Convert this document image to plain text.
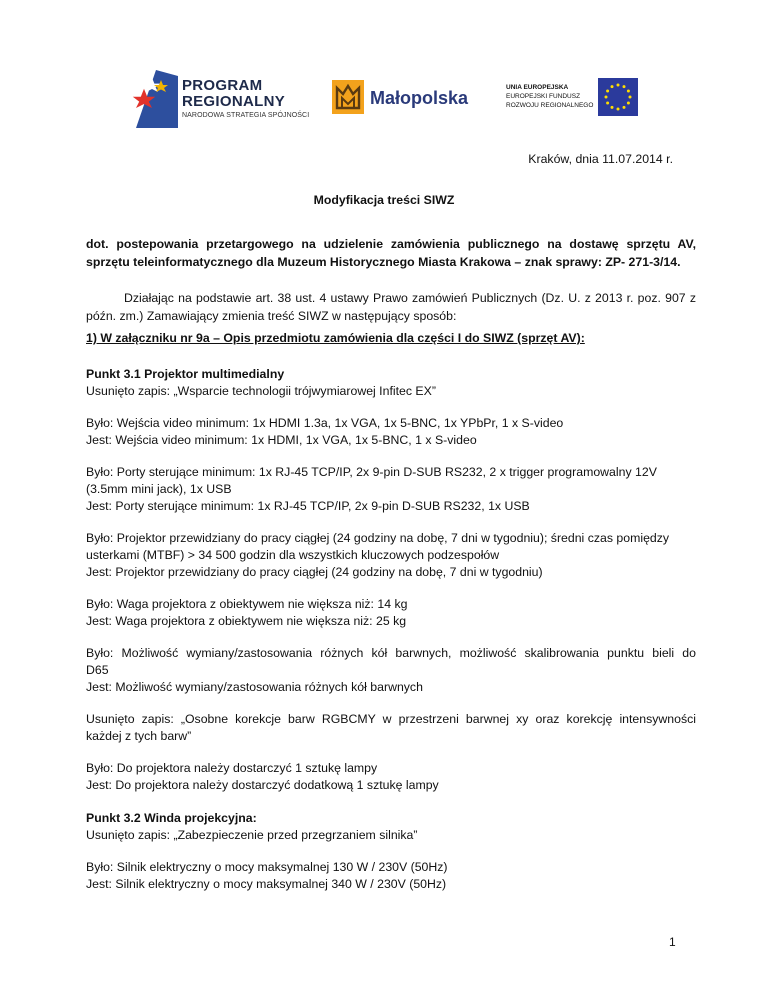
PROGRAM
REGIONALNY
NARODOWA STRATEGIA SPÓJNOŚCI
Małopolska
UNIA EUROPEJSKA
EUROPEJSKI FUNDUSZ
ROZWOJU REGIONALNEGO
Kraków, dnia 11.07.2014 r.
Modyfikacja treści SIWZ
dot. postepowania przetargowego na udzielenie zamówienia publicznego na dostawę sprzętu AV, sprzętu teleinformatycznego dla Muzeum Historycznego Miasta Krakowa – znak sprawy: ZP- 271-3/14.
Działając na podstawie art. 38 ust. 4 ustawy Prawo zamówień Publicznych (Dz. U. z 2013 r. poz. 907 z późn. zm.) Zamawiający zmienia treść SIWZ w następujący sposób:
1) W załączniku nr 9a – Opis przedmiotu zamówienia dla części I do SIWZ (sprzęt AV):
Punkt 3.1 Projektor multimedialny
Usunięto zapis: „Wsparcie technologii trójwymiarowej Infitec EX”
Było: Wejścia video minimum: 1x HDMI 1.3a, 1x VGA, 1x 5-BNC, 1x YPbPr, 1 x S-video
Jest: Wejścia video minimum: 1x HDMI, 1x VGA, 1x 5-BNC, 1 x S-video
Było: Porty sterujące minimum: 1x RJ-45 TCP/IP, 2x 9-pin D-SUB RS232, 2 x trigger programowalny 12V
(3.5mm mini jack), 1x USB
Jest: Porty sterujące minimum: 1x RJ-45 TCP/IP, 2x 9-pin D-SUB RS232, 1x USB
Było: Projektor przewidziany do pracy ciągłej (24 godziny na dobę, 7 dni w tygodniu); średni czas pomiędzy
usterkami (MTBF) > 34 500 godzin dla wszystkich kluczowych podzespołów
Jest: Projektor przewidziany do pracy ciągłej (24 godziny na dobę, 7 dni w tygodniu)
Było: Waga projektora z obiektywem nie większa niż: 14 kg
Jest: Waga projektora z obiektywem nie większa niż: 25 kg
Było: Możliwość wymiany/zastosowania różnych kół barwnych, możliwość skalibrowania punktu bieli do
D65
Jest: Możliwość wymiany/zastosowania różnych kół barwnych
Usunięto zapis: „Osobne korekcje barw RGBCMY w przestrzeni barwnej xy oraz korekcję intensywności
każdej z tych barw”
Było: Do projektora należy dostarczyć 1 sztukę lampy
Jest: Do projektora należy dostarczyć dodatkową 1 sztukę lampy
Punkt 3.2 Winda projekcyjna:
Usunięto zapis: „Zabezpieczenie przed przegrzaniem silnika”
Było: Silnik elektryczny o mocy maksymalnej 130 W / 230V (50Hz)
Jest: Silnik elektryczny o mocy maksymalnej 340 W / 230V (50Hz)
1
